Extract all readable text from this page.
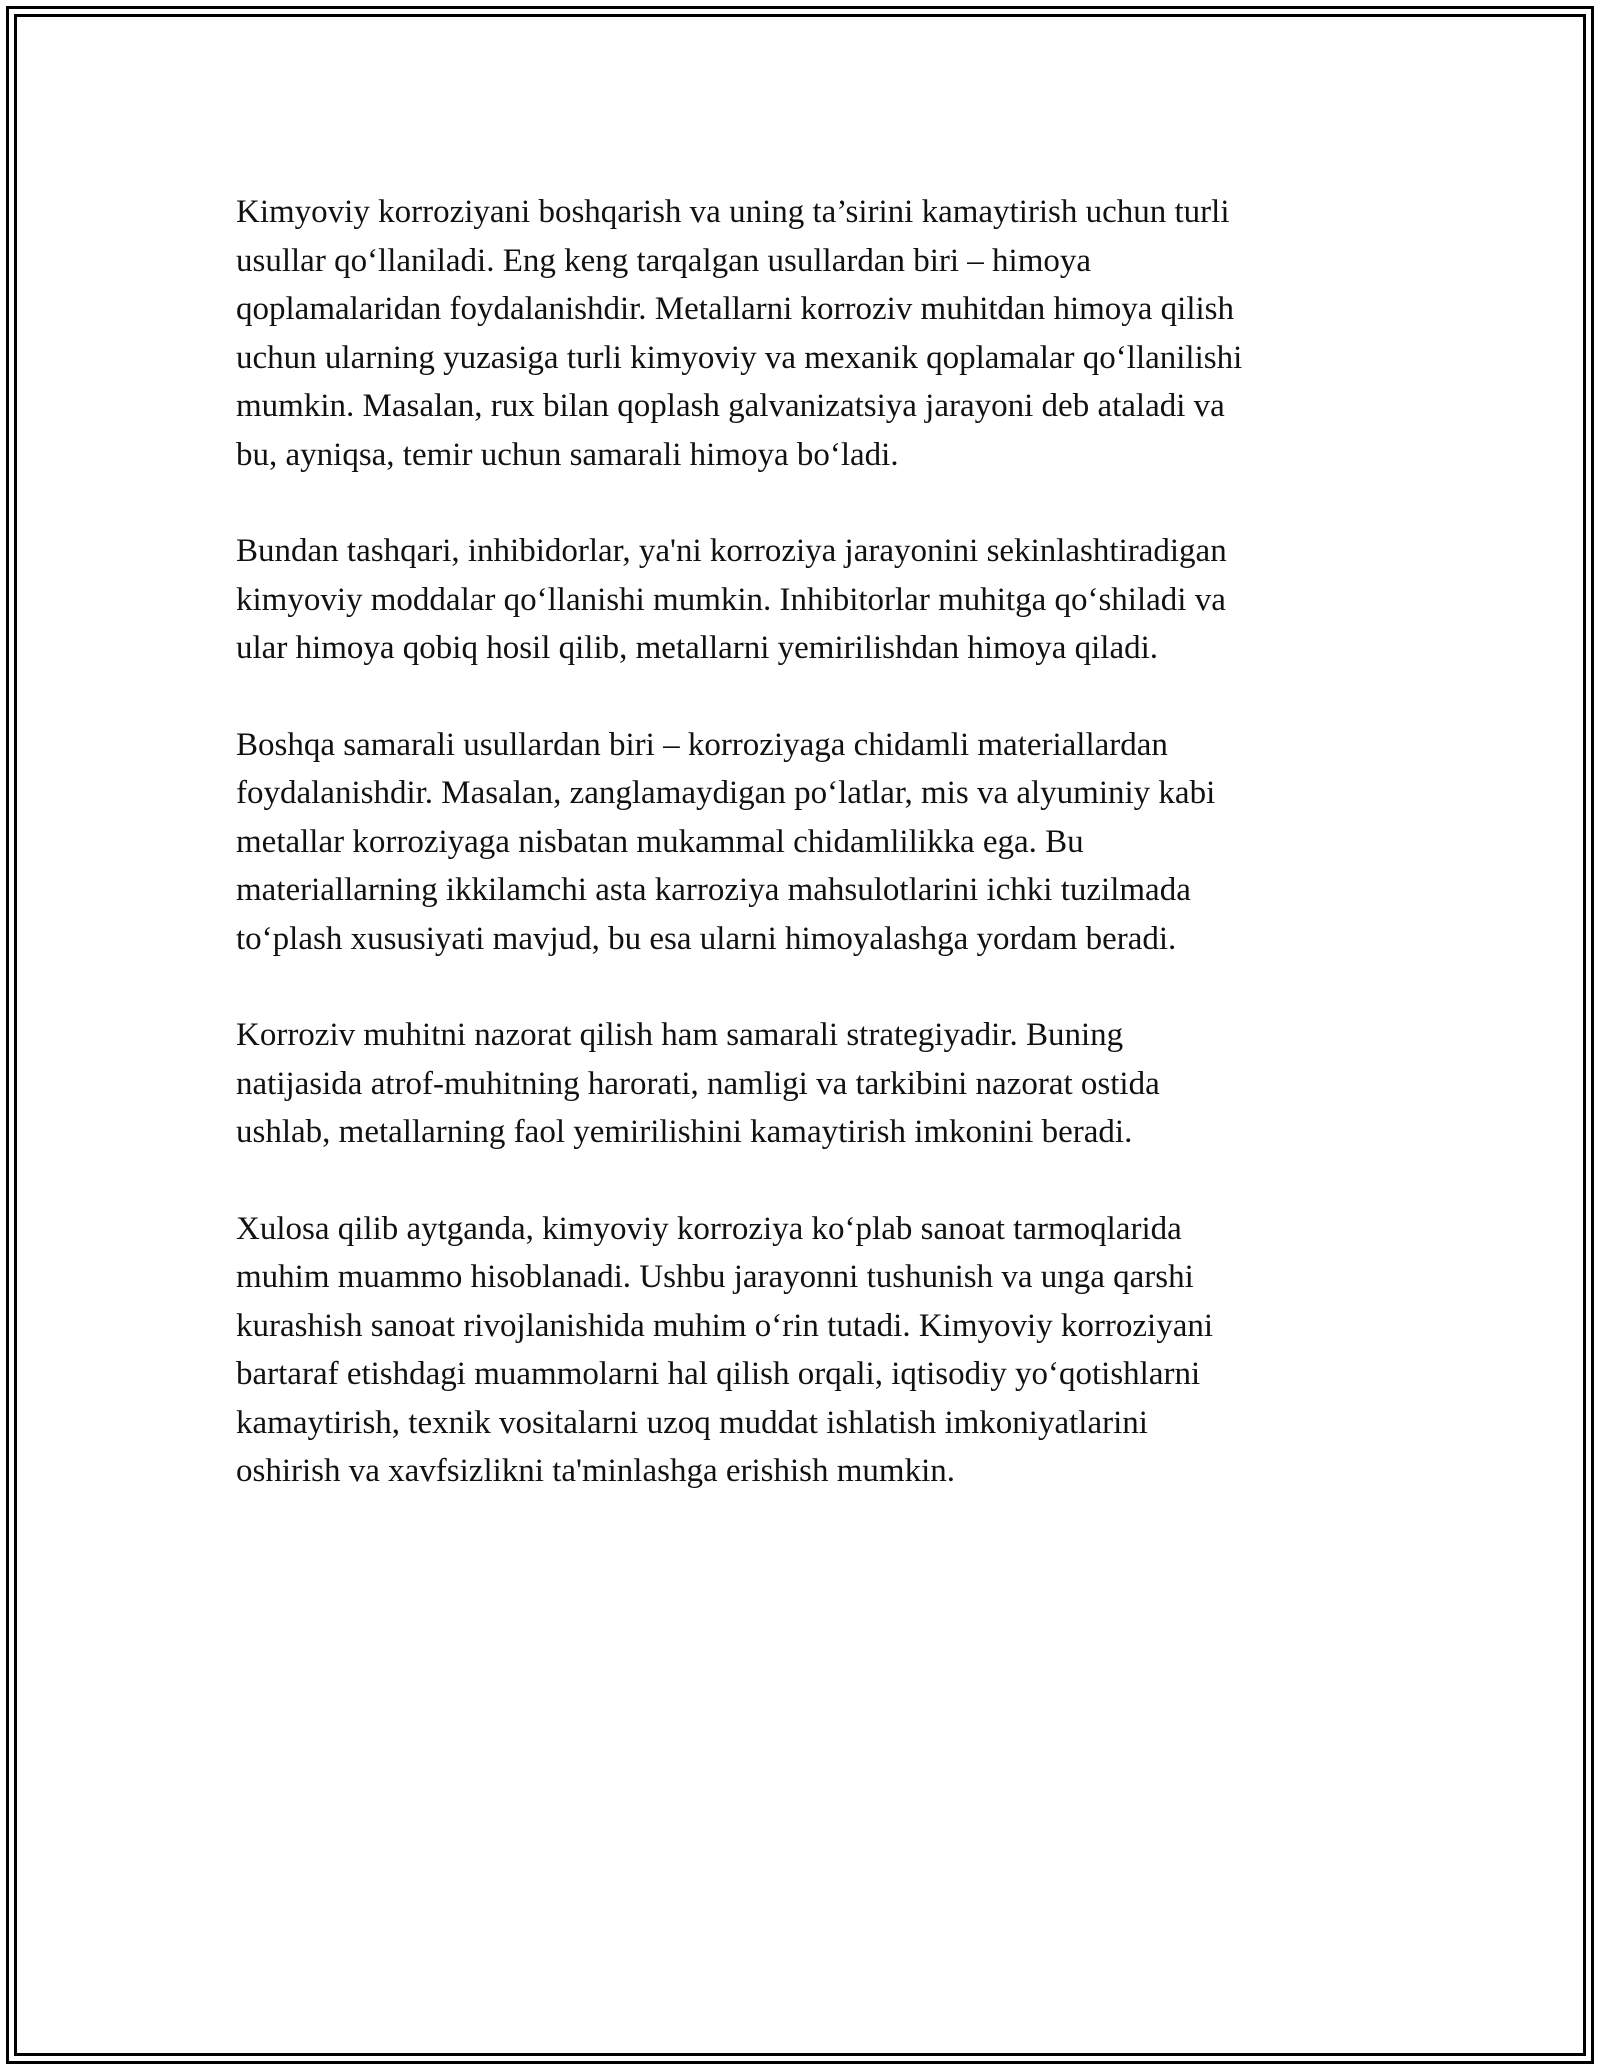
Kimyoviy korroziyani boshqarish va uning ta’sirini kamaytirish uchun turli
usullar qo‘llaniladi. Eng keng tarqalgan usullardan biri – himoya
qoplamalaridan foydalanishdir. Metallarni korroziv muhitdan himoya qilish
uchun ularning yuzasiga turli kimyoviy va mexanik qoplamalar qo‘llanilishi
mumkin. Masalan, rux bilan qoplash galvanizatsiya jarayoni deb ataladi va
bu, ayniqsa, temir uchun samarali himoya bo‘ladi.

Bundan tashqari, inhibidorlar, ya'ni korroziya jarayonini sekinlashtiradigan
kimyoviy moddalar qo‘llanishi mumkin. Inhibitorlar muhitga qo‘shiladi va
ular himoya qobiq hosil qilib, metallarni yemirilishdan himoya qiladi.

Boshqa samarali usullardan biri – korroziyaga chidamli materiallardan
foydalanishdir. Masalan, zanglamaydigan po‘latlar, mis va alyuminiy kabi
metallar korroziyaga nisbatan mukammal chidamlilikka ega. Bu
materiallarning ikkilamchi asta karroziya mahsulotlarini ichki tuzilmada
to‘plash xususiyati mavjud, bu esa ularni himoyalashga yordam beradi.

Korroziv muhitni nazorat qilish ham samarali strategiyadir. Buning
natijasida atrof-muhitning harorati, namligi va tarkibini nazorat ostida
ushlab, metallarning faol yemirilishini kamaytirish imkonini beradi.

Xulosa qilib aytganda, kimyoviy korroziya ko‘plab sanoat tarmoqlarida
muhim muammo hisoblanadi. Ushbu jarayonni tushunish va unga qarshi
kurashish sanoat rivojlanishida muhim o‘rin tutadi. Kimyoviy korroziyani
bartaraf etishdagi muammolarni hal qilish orqali, iqtisodiy yo‘qotishlarni
kamaytirish, texnik vositalarni uzoq muddat ishlatish imkoniyatlarini
oshirish va xavfsizlikni ta'minlashga erishish mumkin.
